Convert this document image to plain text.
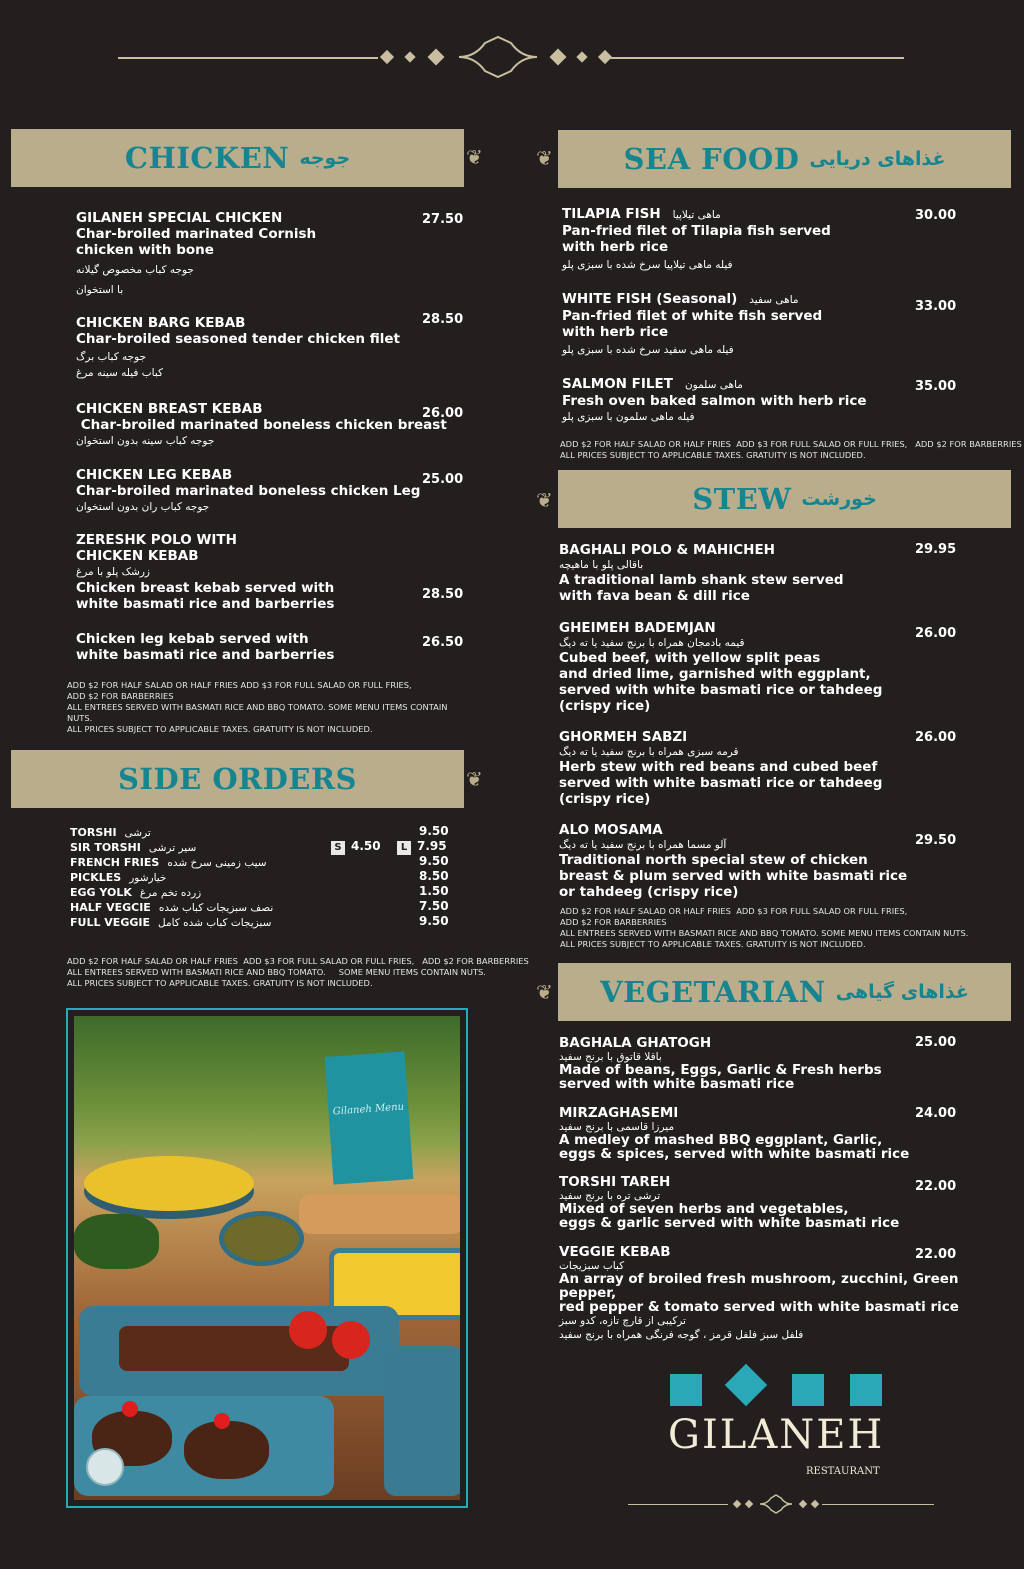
CHICKEN جوجه	❦
GILANEH SPECIAL CHICKEN
Char-broiled marinated Cornish
chicken with bone
جوجه کباب مخصوص گیلانه
با استخوان
27.50
CHICKEN BARG KEBAB
Char-broiled seasoned tender chicken filet
جوجه کباب برگ
کباب فیله سینه مرغ
28.50
CHICKEN BREAST KEBAB
Char-broiled marinated boneless chicken breast
جوجه کباب سینه بدون استخوان
26.00
CHICKEN LEG KEBAB
Char-broiled marinated boneless chicken Leg
جوجه کباب ران بدون استخوان
25.00
ZERESHK POLO WITH
CHICKEN KEBAB
زرشک پلو با مرغ
Chicken breast kebab served with
white basmati rice and barberries
28.50
Chicken leg kebab served with
white basmati rice and barberries
26.50
ADD $2 FOR HALF SALAD OR HALF FRIES ADD $3 FOR FULL SALAD OR FULL FRIES,
ADD $2 FOR BARBERRIES
ALL ENTREES SERVED WITH BASMATI RICE AND BBQ TOMATO. SOME MENU ITEMS CONTAIN NUTS.
ALL PRICES SUBJECT TO APPLICABLE TAXES. GRATUITY IS NOT INCLUDED.
SIDE ORDERS	❦
TORSHI ترشی	9.50
SIR TORSHI سیر ترشی	S 4.50	L 7.95
FRENCH FRIES سیب زمینی سرخ شده	9.50
PICKLES خیارشور	8.50
EGG YOLK زرده تخم مرغ	1.50
HALF VEGCIE نصف سبزیجات کباب شده	7.50
FULL VEGGIE سبزیجات کباب شده کامل	9.50
ADD $2 FOR HALF SALAD OR HALF FRIES  ADD $3 FOR FULL SALAD OR FULL FRIES,   ADD $2 FOR BARBERRIES
ALL ENTREES SERVED WITH BASMATI RICE AND BBQ TOMATO.     SOME MENU ITEMS CONTAIN NUTS.
ALL PRICES SUBJECT TO APPLICABLE TAXES. GRATUITY IS NOT INCLUDED.
Gilaneh Menu
❦ SEA FOOD غذاهای دریایی
TILAPIA FISH ماهی تیلاپیا
Pan-fried filet of Tilapia fish served
with herb rice
فیله ماهی تیلاپیا سرخ شده با سبزی پلو
30.00
WHITE FISH (Seasonal) ماهی سفید
Pan-fried filet of white fish served
with herb rice
فیله ماهی سفید سرخ شده با سبزی پلو
33.00
SALMON FILET ماهی سلمون
Fresh oven baked salmon with herb rice
فیله ماهی سلمون با سبزی پلو
35.00
ADD $2 FOR HALF SALAD OR HALF FRIES  ADD $3 FOR FULL SALAD OR FULL FRIES,   ADD $2 FOR BARBERRIES
ALL PRICES SUBJECT TO APPLICABLE TAXES. GRATUITY IS NOT INCLUDED.
❦	STEW خورشت
BAGHALI POLO & MAHICHEH
باقالی پلو با ماهیچه
A traditional lamb shank stew served
with fava bean & dill rice
29.95
GHEIMEH BADEMJAN
قیمه بادمجان همراه با برنج سفید یا ته دیگ
Cubed beef, with yellow split peas
and dried lime, garnished with eggplant,
served with white basmati rice or tahdeeg
(crispy rice)
26.00
GHORMEH SABZI
قرمه سبزی همراه با برنج سفید یا ته دیگ
Herb stew with red beans and cubed beef
served with white basmati rice or tahdeeg
(crispy rice)
26.00
ALO MOSAMA
آلو مسما همراه با برنج سفید یا ته دیگ
Traditional north special stew of chicken
breast & plum served with white basmati rice
or tahdeeg (crispy rice)
29.50
ADD $2 FOR HALF SALAD OR HALF FRIES  ADD $3 FOR FULL SALAD OR FULL FRIES,
ADD $2 FOR BARBERRIES
ALL ENTREES SERVED WITH BASMATI RICE AND BBQ TOMATO. SOME MENU ITEMS CONTAIN NUTS.
ALL PRICES SUBJECT TO APPLICABLE TAXES. GRATUITY IS NOT INCLUDED.
❦ VEGETARIAN غذاهای گیاهی
BAGHALA GHATOGH
باقلا قاتوق با برنج سفید
Made of beans, Eggs, Garlic & Fresh herbs
served with white basmati rice
25.00
MIRZAGHASEMI
میرزا قاسمی با برنج سفید
A medley of mashed BBQ eggplant, Garlic,
eggs & spices, served with white basmati rice
24.00
TORSHI TAREH
ترشی تره با برنج سفید
Mixed of seven herbs and vegetables,
eggs & garlic served with white basmati rice
22.00
VEGGIE KEBAB
کباب سبزیجات
An array of broiled fresh mushroom, zucchini, Green pepper,
red pepper & tomato served with white basmati rice
ترکیبی از قارچ تازه، کدو سبز
فلفل سبز فلفل قرمز ، گوجه فرنگی همراه با برنج سفید
22.00
GILANEH
RESTAURANT
